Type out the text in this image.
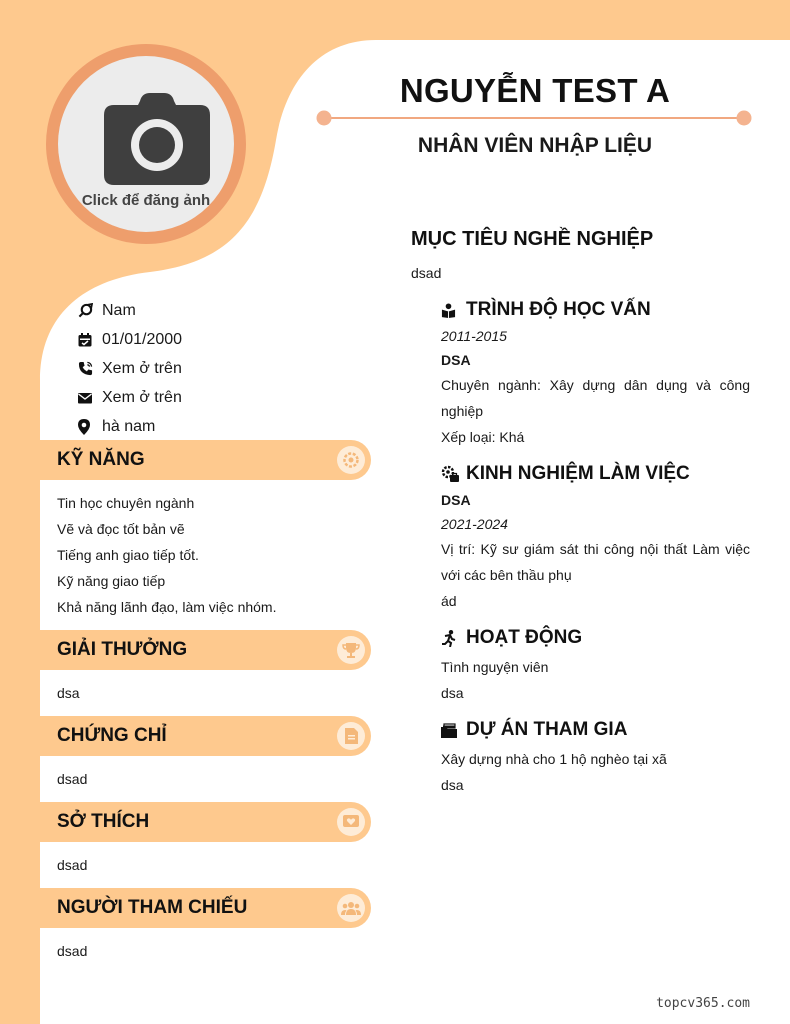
Click để đăng ảnh
NGUYỄN TEST A
NHÂN VIÊN NHẬP LIỆU
Nam
01/01/2000
Xem ở trên
Xem ở trên
hà nam
KỸ NĂNG
Tin học chuyên ngành
Vẽ và đọc tốt bản vẽ
Tiếng anh giao tiếp tốt.
Kỹ năng giao tiếp
Khả năng lãnh đạo, làm việc nhóm.
GIẢI THƯỞNG
dsa
CHỨNG CHỈ
dsad
SỞ THÍCH
dsad
NGƯỜI THAM CHIẾU
dsad
MỤC TIÊU NGHỀ NGHIỆP
dsad
TRÌNH ĐỘ HỌC VẤN
2011-2015
DSA
Chuyên ngành: Xây dựng dân dụng và công nghiệp
Xếp loại: Khá
KINH NGHIỆM LÀM VIỆC
DSA
2021-2024
Vị trí: Kỹ sư giám sát thi công nội thất Làm việc với các bên thầu phụ
ád
HOẠT ĐỘNG
Tình nguyện viên
dsa
DỰ ÁN THAM GIA
Xây dựng nhà cho 1 hộ nghèo tại xã
dsa
topcv365.com
